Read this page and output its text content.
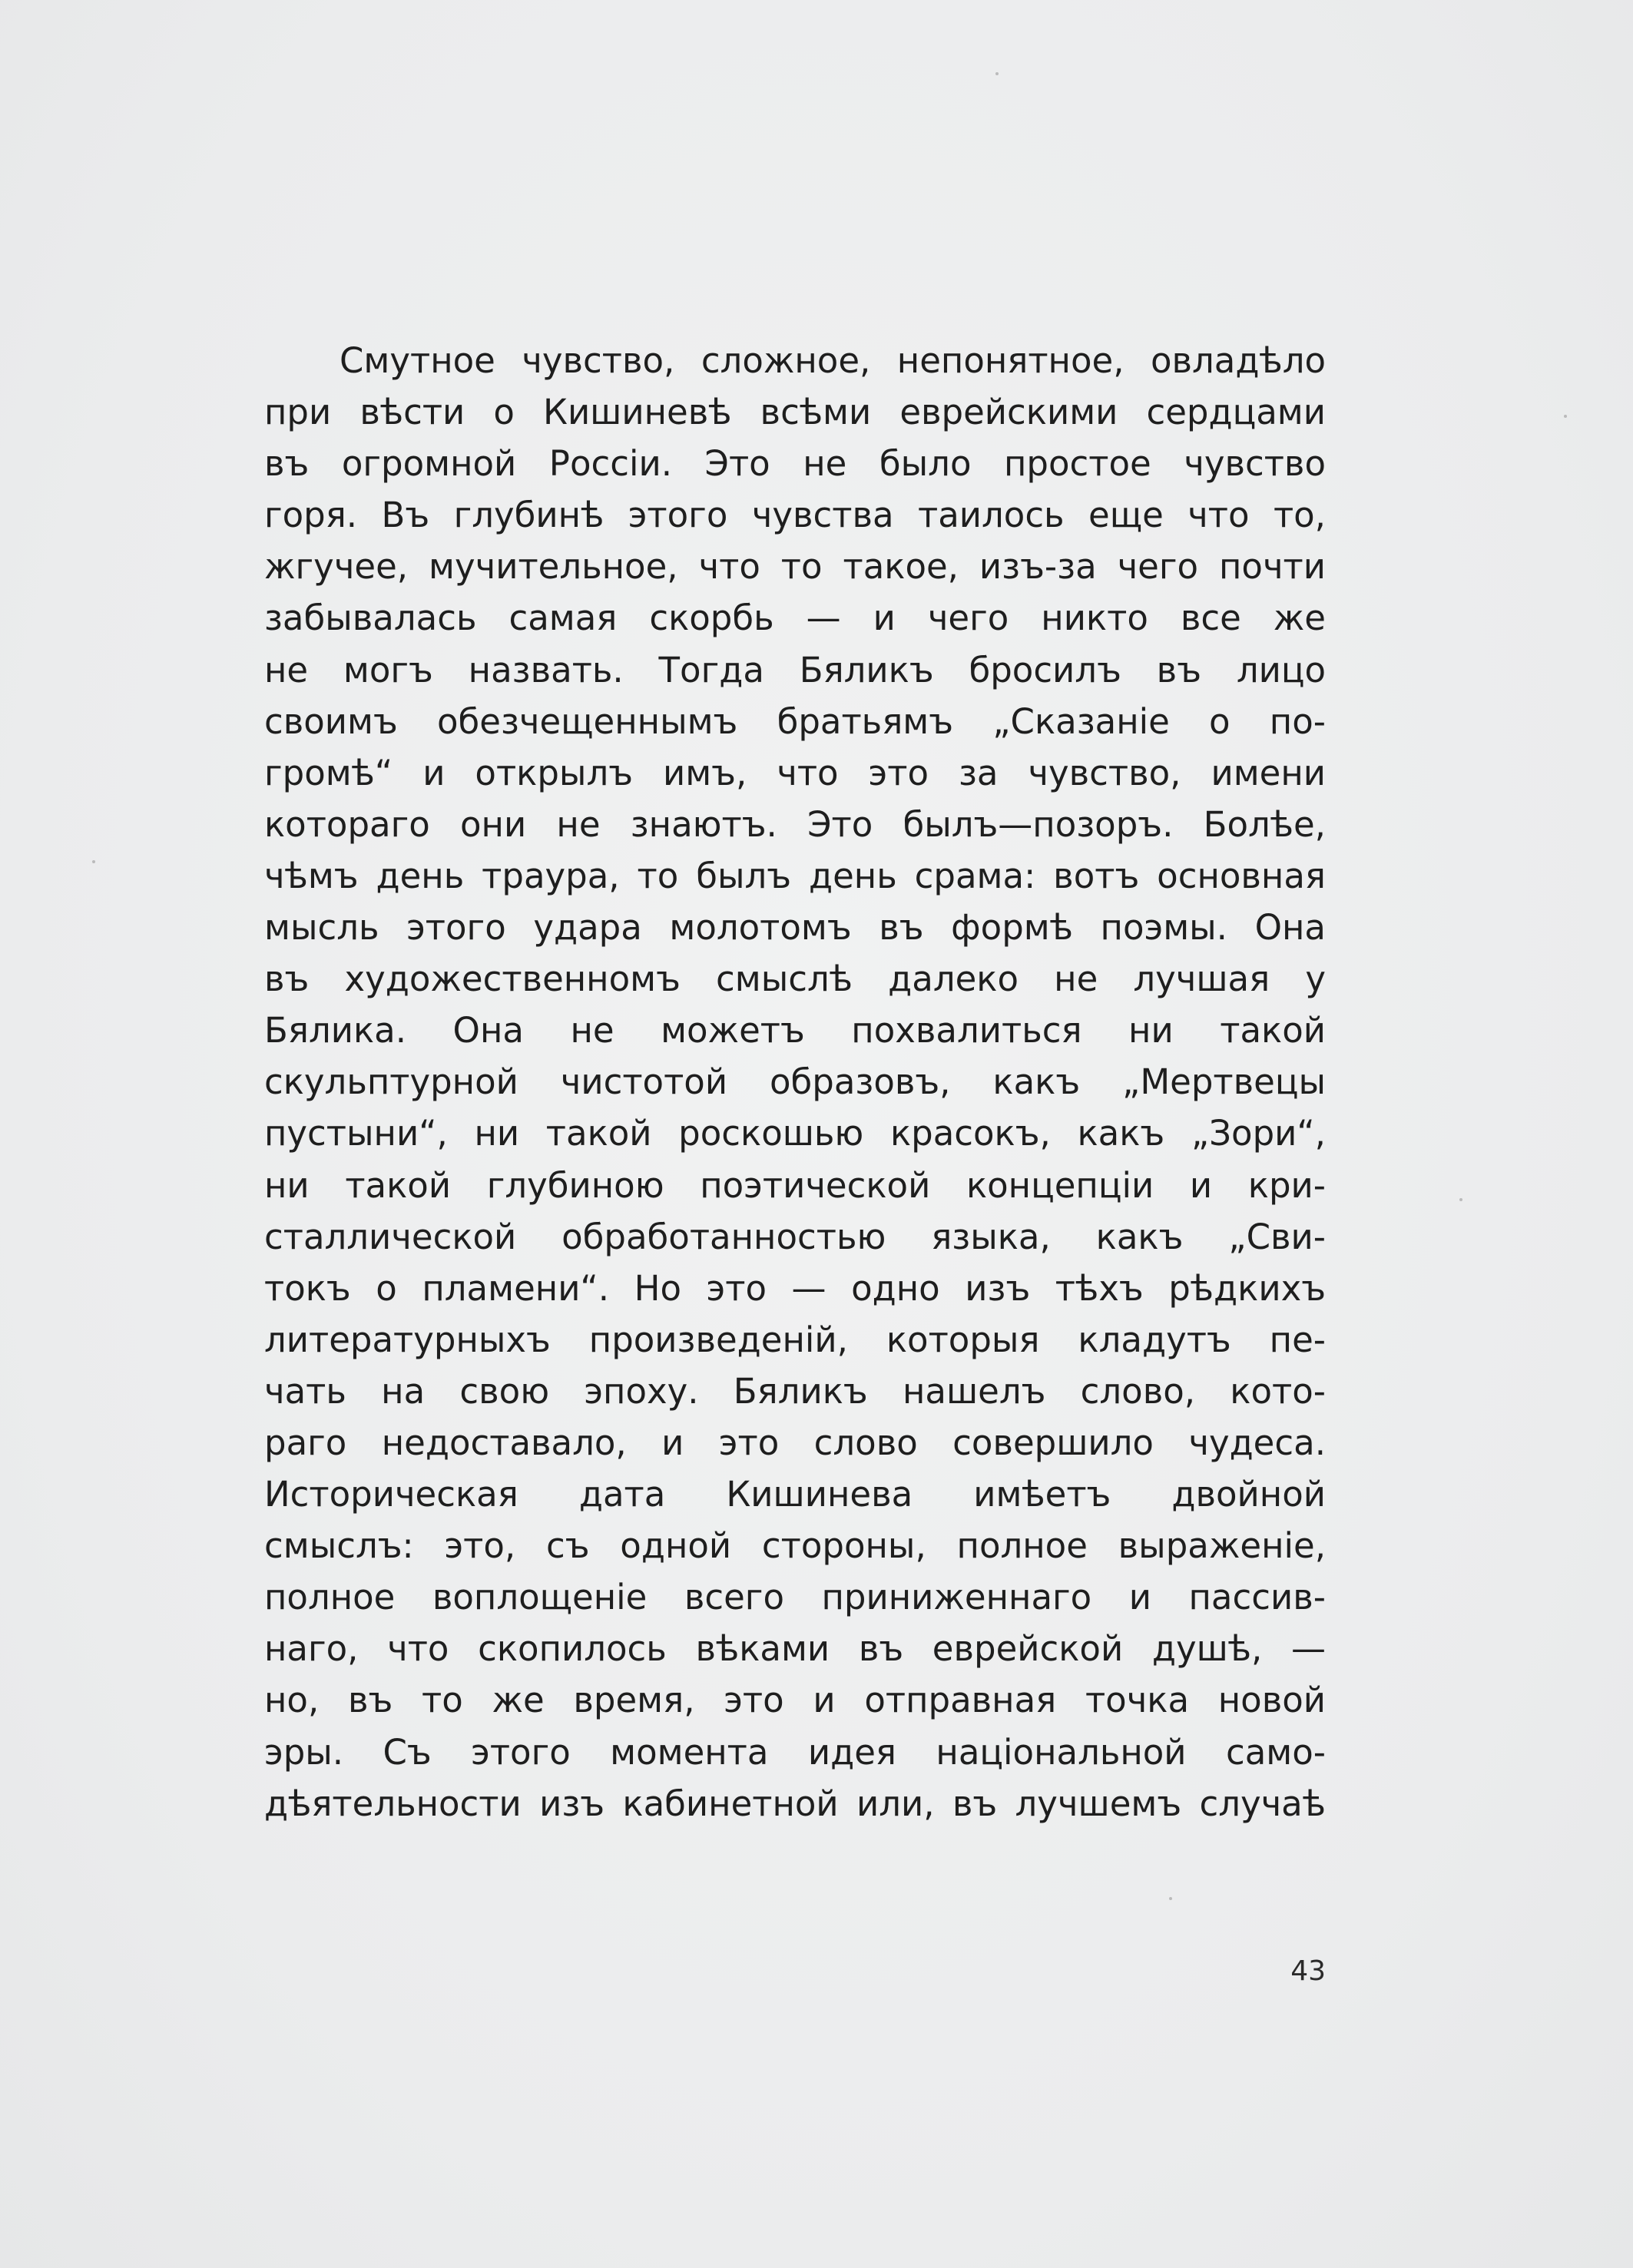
Смутное чувство, сложное, непонятное, овладѣло
при вѣсти о Кишиневѣ всѣми еврейскими сердцами
въ огромной Россіи. Это не было простое чувство
горя. Въ глубинѣ этого чувства таилось еще что то,
жгучее, мучительное, что то такое, изъ-за чего почти
забывалась самая скорбь — и чего никто все же
не могъ назвать. Тогда Бяликъ бросилъ въ лицо
своимъ обезчещеннымъ братьямъ „Сказаніе о по-
громѣ“ и открылъ имъ, что это за чувство, имени
котораго они не знаютъ. Это былъ—позоръ. Болѣе,
чѣмъ день траура, то былъ день срама: вотъ основная
мысль этого удара молотомъ въ формѣ поэмы. Она
въ художественномъ смыслѣ далеко не лучшая у
Бялика. Она не можетъ похвалиться ни такой
скульптурной чистотой образовъ, какъ „Мертвецы
пустыни“, ни такой роскошью красокъ, какъ „Зори“,
ни такой глубиною поэтической концепціи и кри-
сталлической обработанностью языка, какъ „Сви-
токъ о пламени“. Но это — одно изъ тѣхъ рѣдкихъ
литературныхъ произведеній, которыя кладутъ пе-
чать на свою эпоху. Бяликъ нашелъ слово, кото-
раго недоставало, и это слово совершило чудеса.
Историческая дата Кишинева имѣетъ двойной
смыслъ: это, съ одной стороны, полное выраженіе,
полное воплощеніе всего приниженнаго и пассив-
наго, что скопилось вѣками въ еврейской душѣ, —
но, въ то же время, это и отправная точка новой
эры. Съ этого момента идея національной само-
дѣятельности изъ кабинетной или, въ лучшемъ случаѣ
43
